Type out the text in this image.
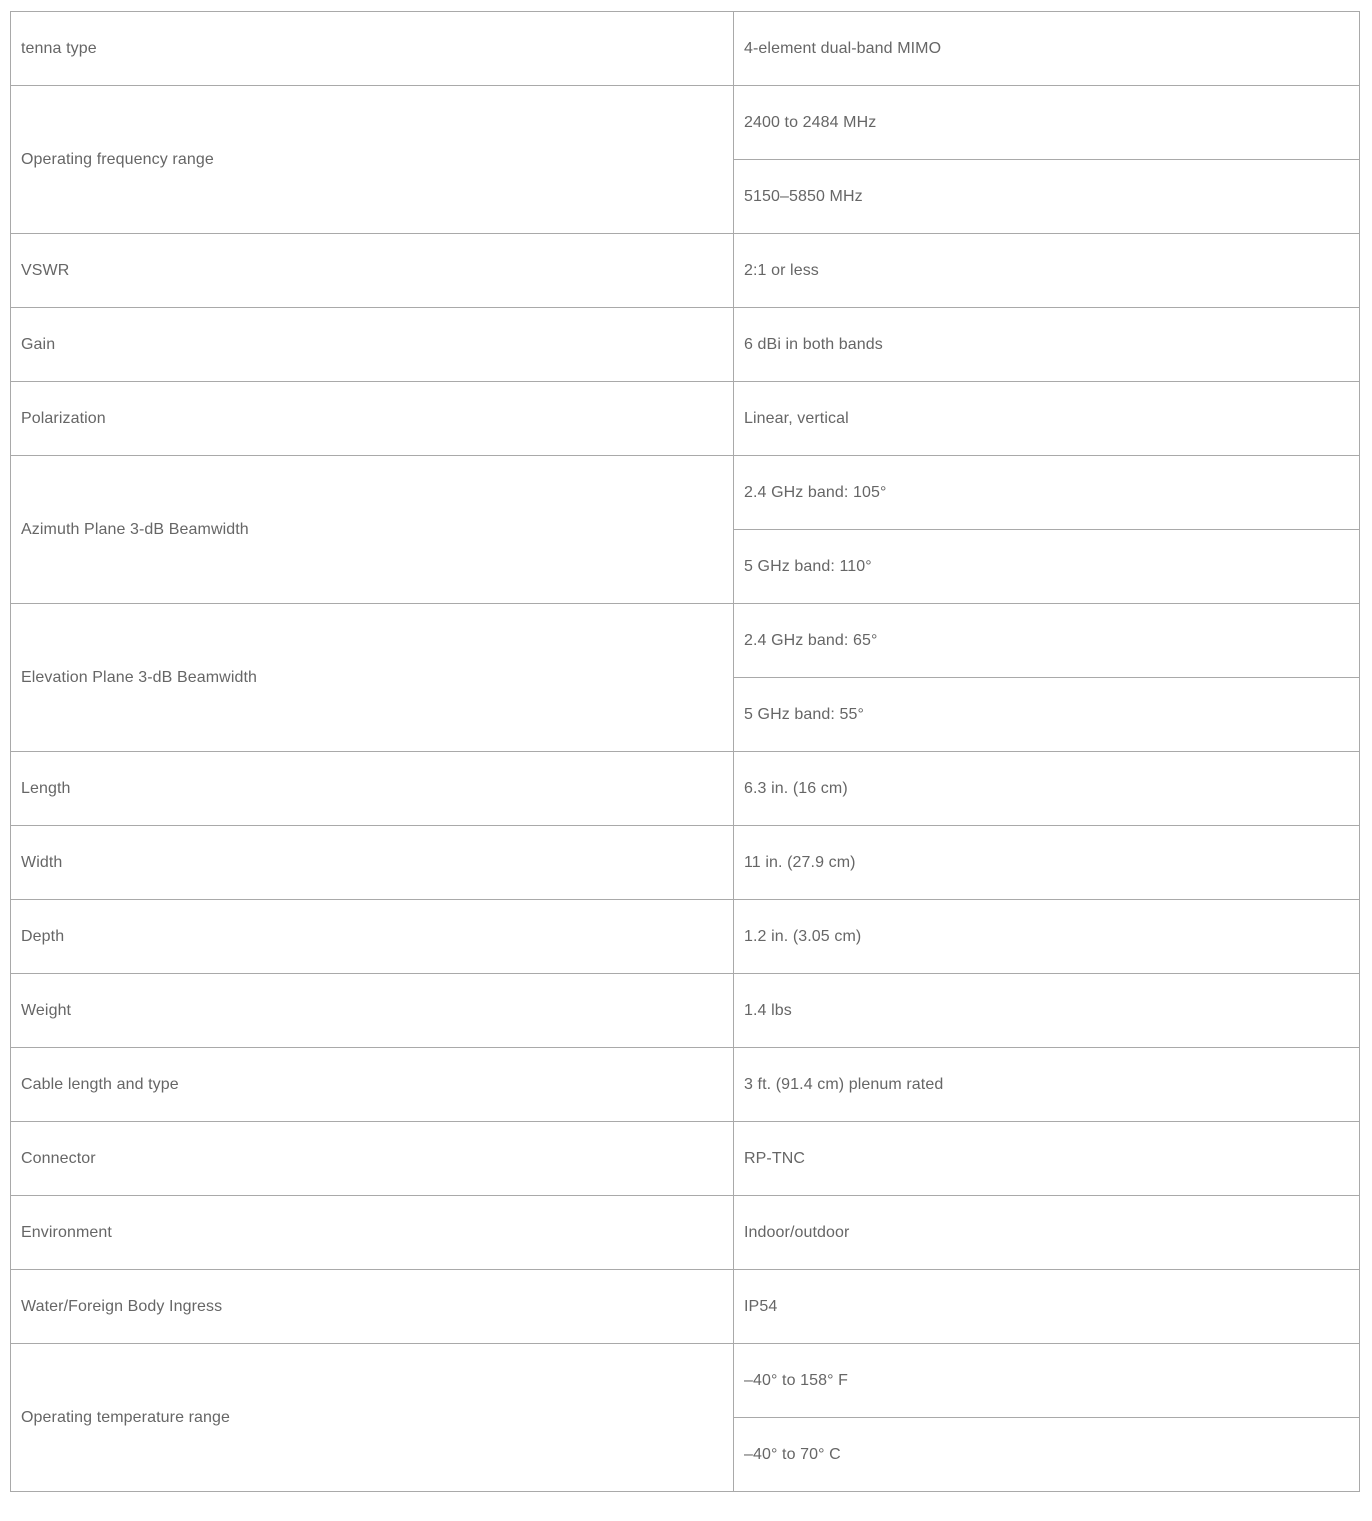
tenna type	4-element dual-band MIMO
Operating frequency range	2400 to 2484 MHz
	5150–5850 MHz
VSWR	2:1 or less
Gain	6 dBi in both bands
Polarization	Linear, vertical
Azimuth Plane 3-dB Beamwidth	2.4 GHz band: 105°
	5 GHz band: 110°
Elevation Plane 3-dB Beamwidth	2.4 GHz band: 65°
	5 GHz band: 55°
Length	6.3 in. (16 cm)
Width	11 in. (27.9 cm)
Depth	1.2 in. (3.05 cm)
Weight	1.4 lbs
Cable length and type	3 ft. (91.4 cm) plenum rated
Connector	RP-TNC
Environment	Indoor/outdoor
Water/Foreign Body Ingress	IP54
Operating temperature range	–40° to 158° F
	–40° to 70° C
